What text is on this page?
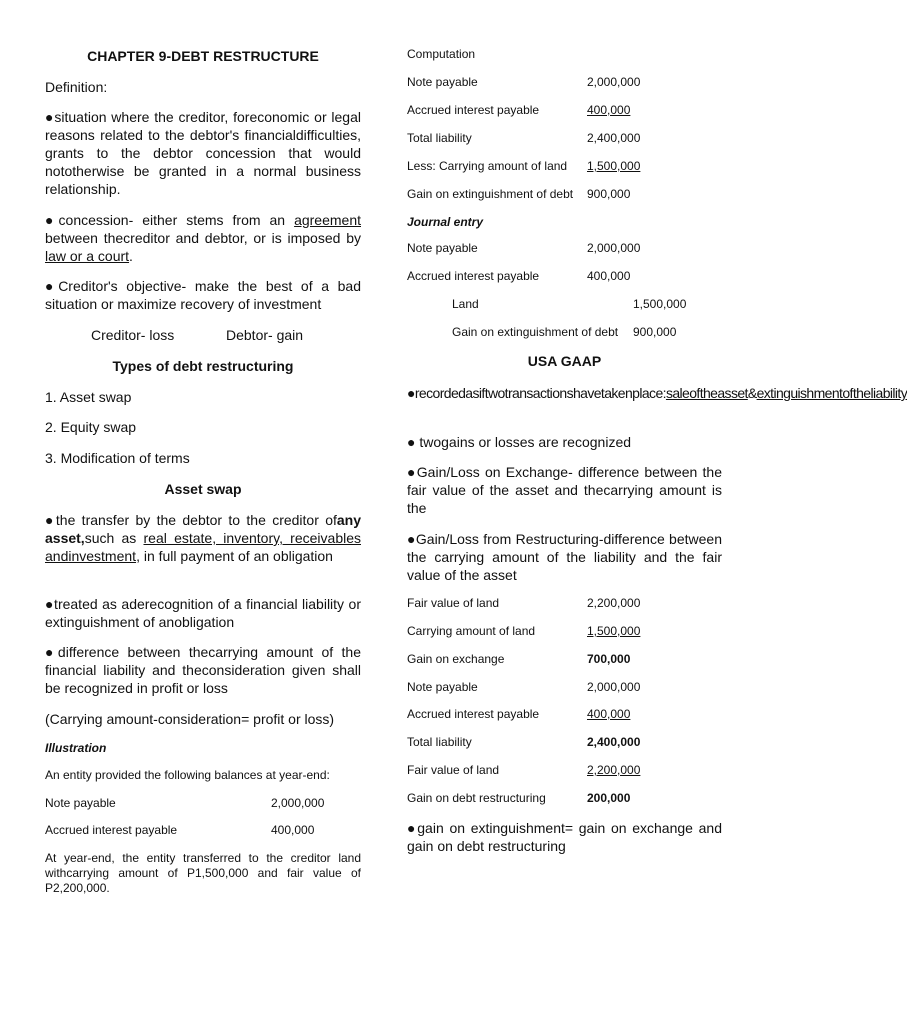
CHAPTER 9-DEBT RESTRUCTURE
Definition:
●situation where the creditor, foreconomic or legal reasons related to the debtor's financialdifficulties, grants to the debtor concession that would nototherwise be granted in a normal business relationship.
●concession- either stems from an agreement between thecreditor and debtor, or is imposed by law or a court.
●Creditor's objective- make the best of a bad situation or maximize recovery of investment
Creditor- loss	Debtor- gain
Types of debt restructuring
1. Asset swap
2. Equity swap
3. Modification of terms
Asset swap
●the transfer by the debtor to the creditor ofany asset,such as real estate, inventory, receivables andinvestment, in full payment of an obligation
●treated as aderecognition of a financial liability or extinguishment of anobligation
●difference between thecarrying amount of the financial liability and theconsideration given shall be recognized in profit or loss
(Carrying amount-consideration= profit or loss)
Illustration
An entity provided the following balances at year-end:
Note payable	2,000,000
Accrued interest payable	400,000
At year-end, the entity transferred to the creditor land withcarrying amount of P1,500,000 and fair value of P2,200,000.
Computation
Note payable	2,000,000
Accrued interest payable	400,000
Total liability	2,400,000
Less: Carrying amount of land 1,500,000
Gain on extinguishment of debt 900,000
Journal entry
Note payable	2,000,000
Accrued interest payable	400,000
Land	1,500,000
Gain on extinguishment of debt 900,000
USA GAAP
●recordedasiftwotransactionshavetakenplace:saleoftheasset&extinguishmentoftheliability
● twogains or losses are recognized
●Gain/Loss on Exchange- difference between the fair value of the asset and thecarrying amount is the
●Gain/Loss from Restructuring-difference between the carrying amount of the liability and the fair value of the asset
Fair value of land	2,200,000
Carrying amount of land	1,500,000
Gain on exchange	700,000
Note payable	2,000,000
Accrued interest payable	400,000
Total liability	2,400,000
Fair value of land	2,200,000
Gain on debt restructuring	200,000
●gain on extinguishment= gain on exchange and gain on debt restructuring
